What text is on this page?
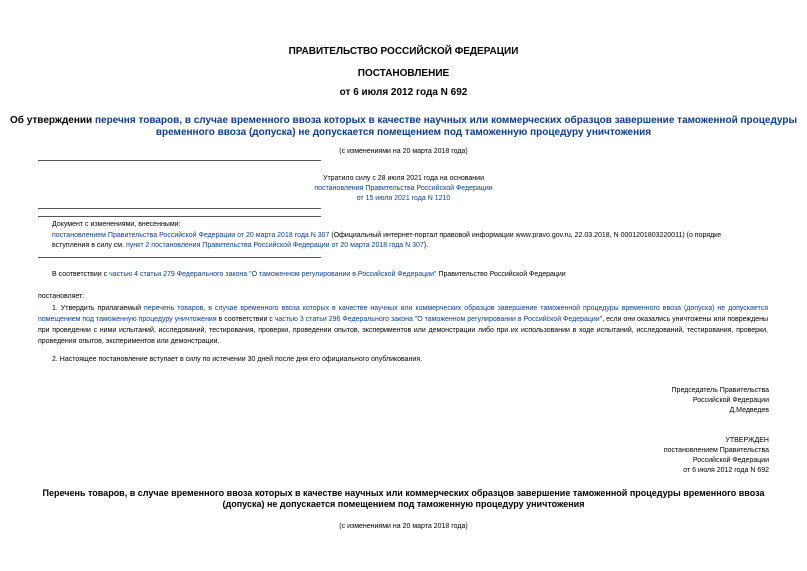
ПРАВИТЕЛЬСТВО РОССИЙСКОЙ ФЕДЕРАЦИИ
ПОСТАНОВЛЕНИЕ
от 6 июля 2012 года N 692
Об утверждении перечня товаров, в случае временного ввоза которых в качестве научных или коммерческих образцов завершение таможенной процедуры
временного ввоза (допуска) не допускается помещением под таможенную процедуру уничтожения
(с изменениями на 20 марта 2018 года)
Утратило силу с 28 июля 2021 года на основании
постановления Правительства Российской Федерации
от 15 июля 2021 года N 1210
Документ с изменениями, внесенными:
постановлением Правительства Российской Федерации от 20 марта 2018 года N 307 (Официальный интернет-портал правовой информации www.pravo.gov.ru, 22.03.2018, N 0001201803220011) (о порядке
вступления в силу см. пункт 2 постановления Правительства Российской Федерации от 20 марта 2018 года N 307).
В соответствии с частью 4 статьи 279 Федерального закона "О таможенном регулировании в Российской Федерации" Правительство Российской Федерации
постановляет:
1. Утвердить прилагаемый перечень товаров, в случае временного ввоза которых в качестве научных или коммерческих образцов завершение таможенной процедуры временного ввоза (допуска) не допускается помещением под таможенную процедуру уничтожения в соответствии с частью 3 статьи 296 Федерального закона "О таможенном регулировании в Российской Федерации", если они оказались уничтожены или повреждены при проведении с ними испытаний, исследований, тестирования, проверки, проведении опытов, экспериментов или демонстрации либо при их использовании в ходе испытаний, исследований, тестирования, проверки, проведения опытов, экспериментов или демонстрации.
2. Настоящее постановление вступает в силу по истечении 30 дней после дня его официального опубликования.
Председатель Правительства
Российской Федерации
Д.Медведев
УТВЕРЖДЕН
постановлением Правительства
Российской Федерации
от 6 июля 2012 года N 692
Перечень товаров, в случае временного ввоза которых в качестве научных или коммерческих образцов завершение таможенной процедуры временного ввоза
(допуска) не допускается помещением под таможенную процедуру уничтожения
(с изменениями на 20 марта 2018 года)
